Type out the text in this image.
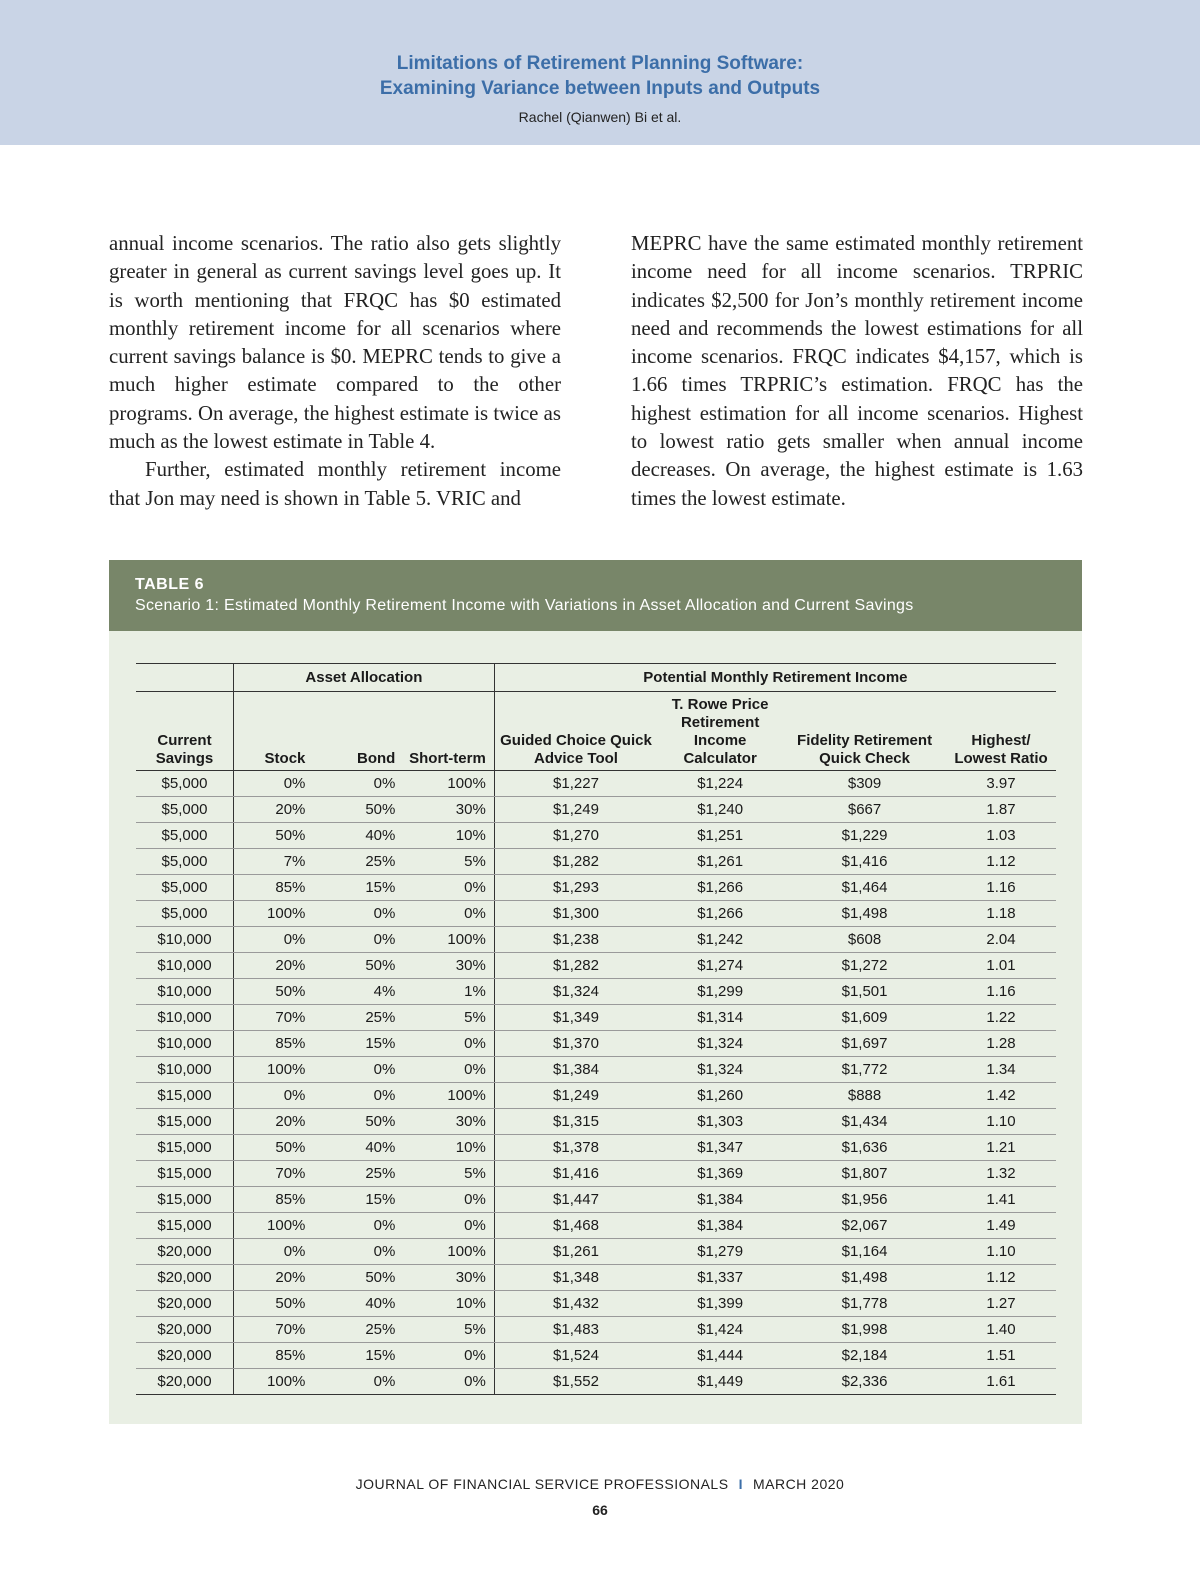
Limitations of Retirement Planning Software:
Examining Variance between Inputs and Outputs
Rachel (Qianwen) Bi et al.

annual income scenarios. The ratio also gets slightly greater in general as current savings level goes up. It is worth mentioning that FRQC has $0 estimated monthly retirement income for all scenarios where current savings balance is $0. MEPRC tends to give a much higher estimate compared to the other programs. On average, the highest estimate is twice as much as the lowest estimate in Table 4.

Further, estimated monthly retirement income that Jon may need is shown in Table 5. VRIC and

MEPRC have the same estimated monthly retirement income need for all income scenarios. TRPRIC indicates $2,500 for Jon’s monthly retirement income need and recommends the lowest estimations for all income scenarios. FRQC indicates $4,157, which is 1.66 times TRPRIC’s estimation. FRQC has the highest estimation for all income scenarios. Highest to lowest ratio gets smaller when annual income decreases. On average, the highest estimate is 1.63 times the lowest estimate.

TABLE 6
Scenario 1: Estimated Monthly Retirement Income with Variations in Asset Allocation and Current Savings
	Asset Allocation			Potential Monthly Retirement Income			
Current Savings	Stock	Bond	Short-term	Guided Choice Quick Advice Tool	T. Rowe Price Retirement Income Calculator	Fidelity Retirement Quick Check	Highest/ Lowest Ratio
$5,000	0%	0%	100%	$1,227	$1,224	$309	3.97
$5,000	20%	50%	30%	$1,249	$1,240	$667	1.87
$5,000	50%	40%	10%	$1,270	$1,251	$1,229	1.03
$5,000	7%	25%	5%	$1,282	$1,261	$1,416	1.12
$5,000	85%	15%	0%	$1,293	$1,266	$1,464	1.16
$5,000	100%	0%	0%	$1,300	$1,266	$1,498	1.18
$10,000	0%	0%	100%	$1,238	$1,242	$608	2.04
$10,000	20%	50%	30%	$1,282	$1,274	$1,272	1.01
$10,000	50%	4%	1%	$1,324	$1,299	$1,501	1.16
$10,000	70%	25%	5%	$1,349	$1,314	$1,609	1.22
$10,000	85%	15%	0%	$1,370	$1,324	$1,697	1.28
$10,000	100%	0%	0%	$1,384	$1,324	$1,772	1.34
$15,000	0%	0%	100%	$1,249	$1,260	$888	1.42
$15,000	20%	50%	30%	$1,315	$1,303	$1,434	1.10
$15,000	50%	40%	10%	$1,378	$1,347	$1,636	1.21
$15,000	70%	25%	5%	$1,416	$1,369	$1,807	1.32
$15,000	85%	15%	0%	$1,447	$1,384	$1,956	1.41
$15,000	100%	0%	0%	$1,468	$1,384	$2,067	1.49
$20,000	0%	0%	100%	$1,261	$1,279	$1,164	1.10
$20,000	20%	50%	30%	$1,348	$1,337	$1,498	1.12
$20,000	50%	40%	10%	$1,432	$1,399	$1,778	1.27
$20,000	70%	25%	5%	$1,483	$1,424	$1,998	1.40
$20,000	85%	15%	0%	$1,524	$1,444	$2,184	1.51
$20,000	100%	0%	0%	$1,552	$1,449	$2,336	1.61
JOURNAL OF FINANCIAL SERVICE PROFESSIONALS I MARCH 2020
66
